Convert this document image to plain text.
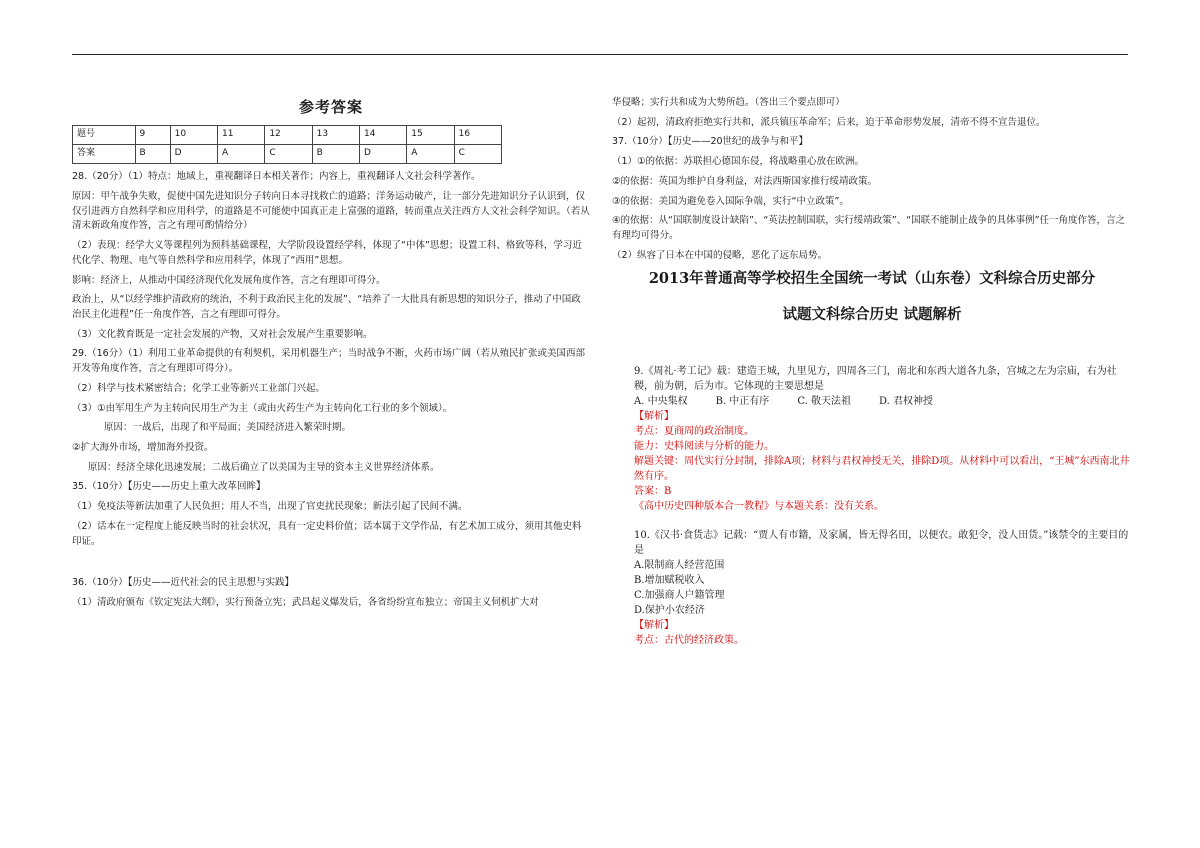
参考答案
题号	9	10	11	12	13	14	15	16
答案	B	D	A	C	B	D	A	C

28.（20分）（1）特点：地域上，重视翻译日本相关著作；内容上，重视翻译人文社会科学著作。

原因：甲午战争失败，促使中国先进知识分子转向日本寻找救亡的道路；洋务运动破产，让一部分先进知识分子认识到，仅仅引进西方自然科学和应用科学，的道路是不可能使中国真正走上富强的道路，转而重点关注西方人文社会科学知识。（若从清末新政角度作答，言之有理可酌情给分）

（2）表现：经学大义等课程列为预科基础课程，大学阶段设置经学科，体现了“中体”思想；设置工科、格致等科，学习近代化学、物理、电气等自然科学和应用科学，体现了“西用”思想。

影响：经济上，从推动中国经济现代化发展角度作答，言之有理即可得分。

政治上，从“以经学维护清政府的统治，不利于政治民主化的发展”、“培养了一大批具有新思想的知识分子，推动了中国政治民主化进程”任一角度作答，言之有理即可得分。

（3）文化教育既是一定社会发展的产物，又对社会发展产生重要影响。

29.（16分）（1）利用工业革命提供的有利契机，采用机器生产；当时战争不断，火药市场广阔（若从殖民扩张或美国西部开发等角度作答，言之有理即可得分）。

（2）科学与技术紧密结合；化学工业等新兴工业部门兴起。

（3）①由军用生产为主转向民用生产为主（或由火药生产为主转向化工行业的多个领域）。

原因：一战后，出现了和平局面；美国经济进入繁荣时期。

②扩大海外市场，增加海外投资。

原因：经济全球化迅速发展；二战后确立了以美国为主导的资本主义世界经济体系。

35.（10分）【历史——历史上重大改革回眸】

（1）免疫法等新法加重了人民负担；用人不当，出现了官吏扰民现象；新法引起了民间不满。

（2）话本在一定程度上能反映当时的社会状况，具有一定史料价值；话本属于文学作品，有艺术加工成分，须用其他史料印证。

36.（10分）【历史——近代社会的民主思想与实践】

（1）清政府颁布《钦定宪法大纲》，实行预备立宪；武昌起义爆发后，各省纷纷宣布独立；帝国主义伺机扩大对

华侵略；实行共和成为大势所趋。（答出三个要点即可）

（2）起初，清政府拒绝实行共和，派兵镇压革命军；后来，迫于革命形势发展，清帝不得不宣告退位。

37.（10分）【历史——20世纪的战争与和平】

（1）①的依据：苏联担心德国东侵，将战略重心放在欧洲。

②的依据：英国为维护自身利益，对法西斯国家推行绥靖政策。

③的依据：美国为避免卷入国际争端，实行“中立政策”。

④的依据：从“国联制度设计缺陷”、“英法控制国联，实行绥靖政策”、“国联不能制止战争的具体事例”任一角度作答，言之有理均可得分。

（2）纵容了日本在中国的侵略，恶化了远东局势。

2013年普通高等学校招生全国统一考试（山东卷）文科综合历史部分
试题文科综合历史 试题解析

9.《周礼·考工记》载：建造王城，九里见方，四周各三门，南北和东西大道各九条，宫城之左为宗庙，右为社稷，前为朝，后为市。它体现的主要思想是

A. 中央集权	B. 中正有序	C. 敬天法祖	D. 君权神授

【解析】

考点：夏商周的政治制度。

能力：史料阅读与分析的能力。

解题关键：周代实行分封制，排除A项；材料与君权神授无关，排除D项。从材料中可以看出，“王城”东西南北井然有序。

答案：B

《高中历史四种版本合一教程》与本题关系：没有关系。

10.《汉书·食货志》记载：“贾人有市籍，及家属，皆无得名田，以便农。敢犯令，没人田货。”该禁令的主要目的是

A.限制商人经营范围

B.增加赋税收入

C.加强商人户籍管理

D.保护小农经济

【解析】

考点：古代的经济政策。
